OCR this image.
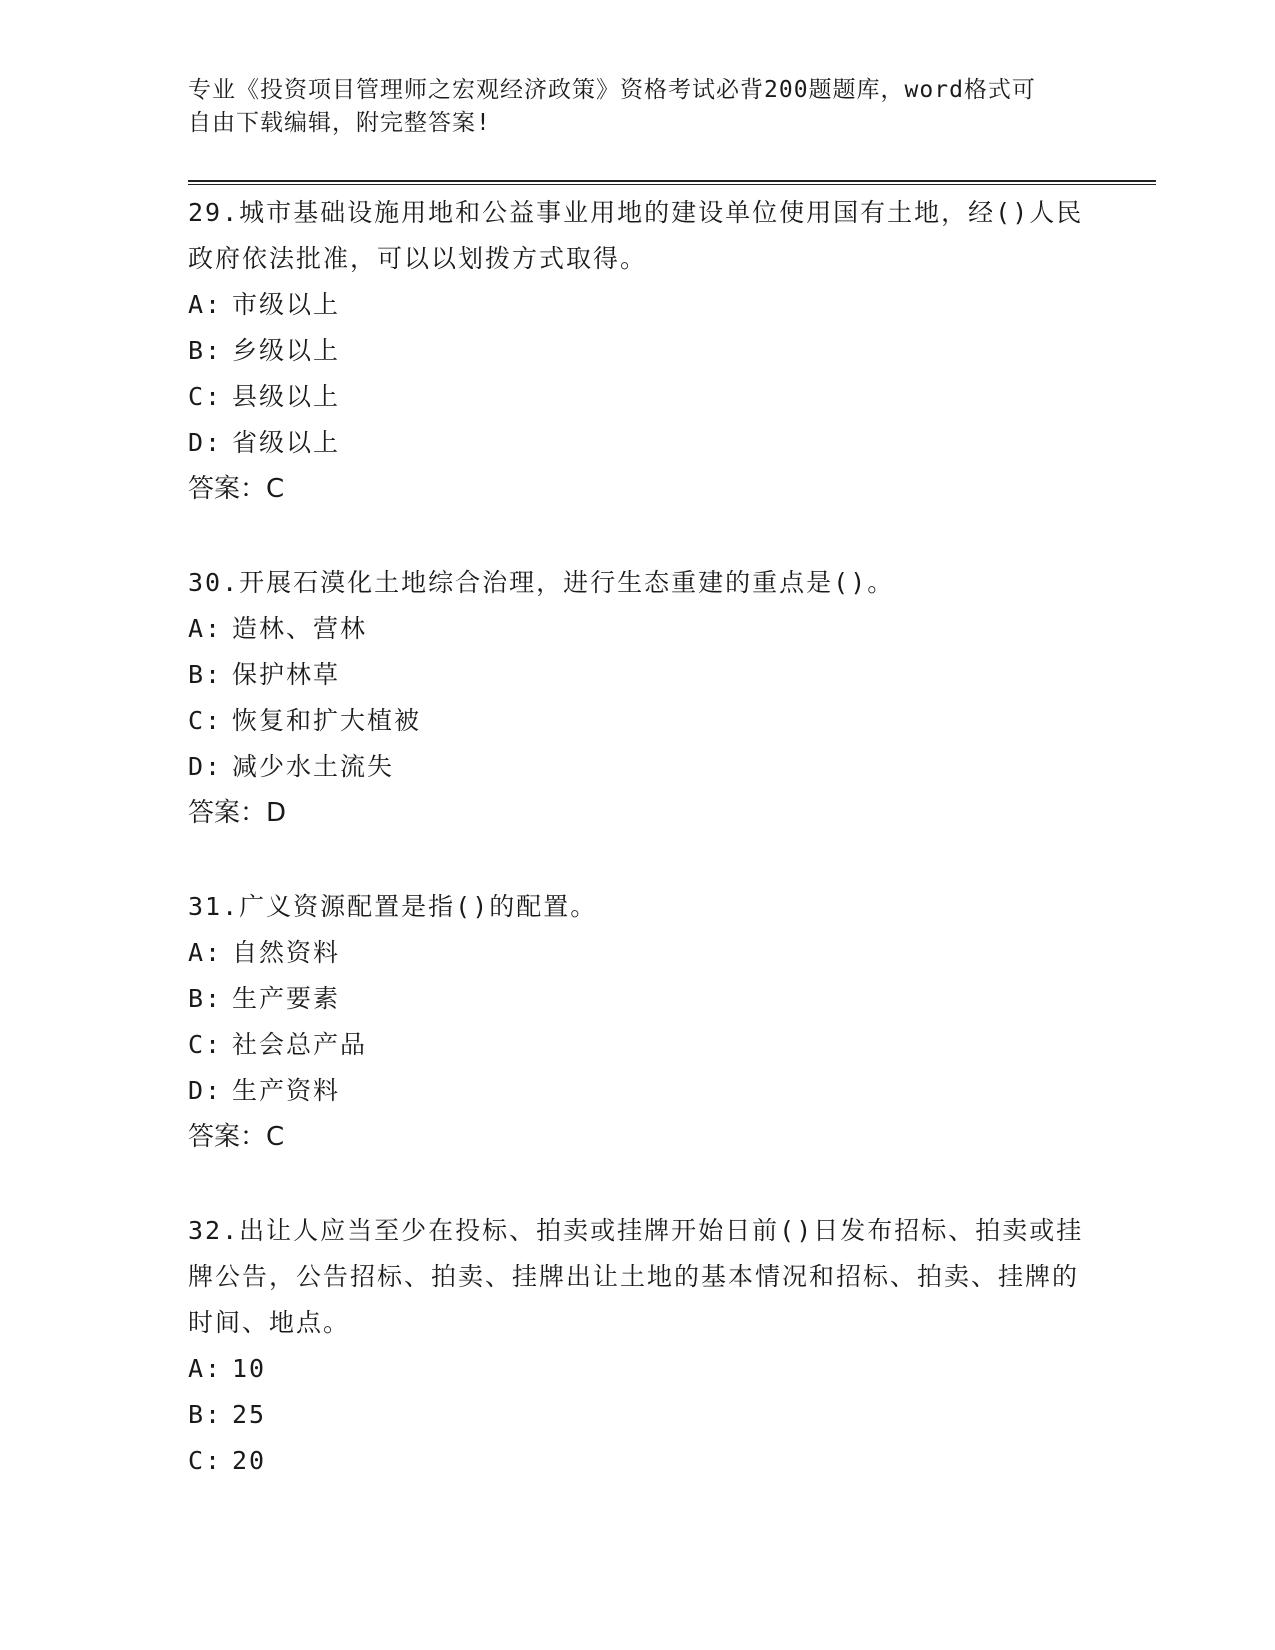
专业《投资项目管理师之宏观经济政策》资格考试必背200题题库，word格式可
自由下载编辑，附完整答案!

29.城市基础设施用地和公益事业用地的建设单位使用国有土地，经()人民政府依法批准，可以以划拨方式取得。

A: 市级以上

B: 乡级以上

C: 县级以上

D: 省级以上

答案：C

30.开展石漠化土地综合治理，进行生态重建的重点是()。

A: 造林、营林

B: 保护林草

C: 恢复和扩大植被

D: 减少水土流失

答案：D

31.广义资源配置是指()的配置。

A: 自然资料

B: 生产要素

C: 社会总产品

D: 生产资料

答案：C

32.出让人应当至少在投标、拍卖或挂牌开始日前()日发布招标、拍卖或挂牌公告，公告招标、拍卖、挂牌出让土地的基本情况和招标、拍卖、挂牌的时间、地点。

A: 10

B: 25

C: 20
